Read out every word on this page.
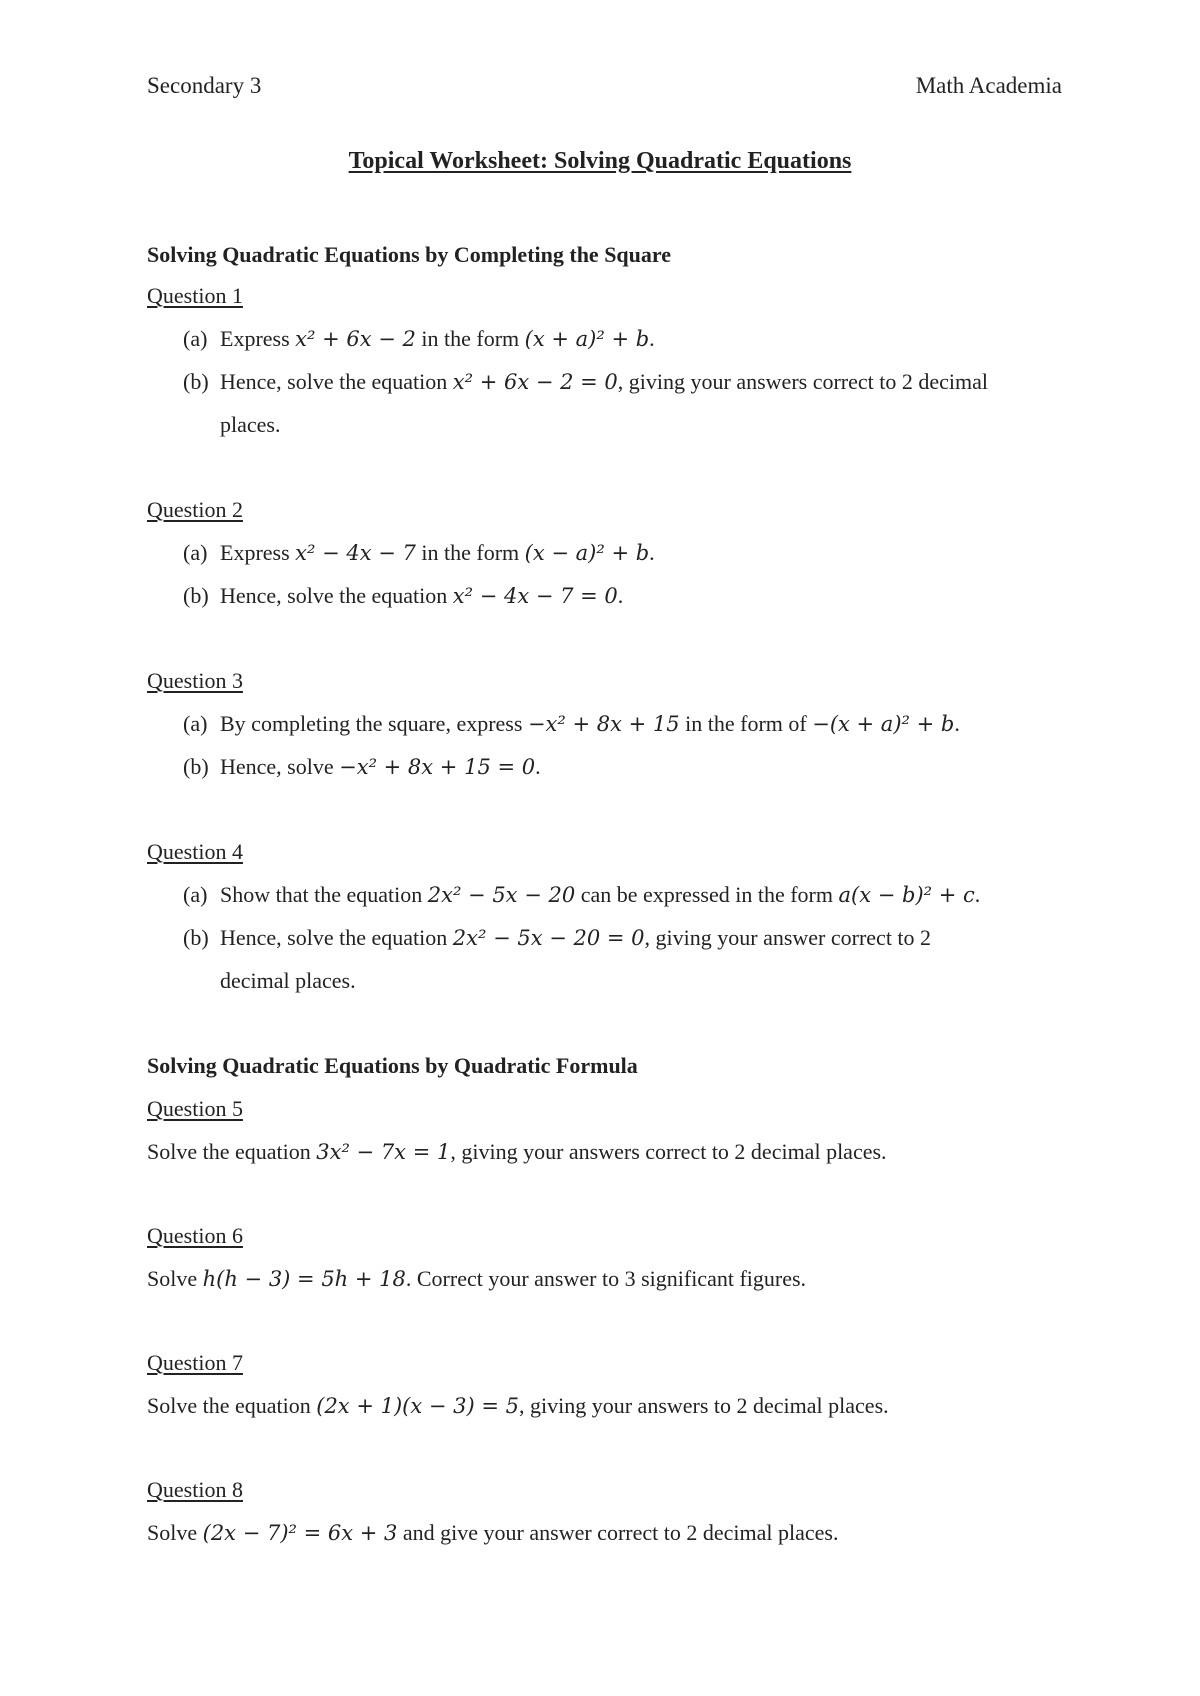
Secondary 3	Math Academia
Topical Worksheet: Solving Quadratic Equations
Solving Quadratic Equations by Completing the Square
Question 1
(a) Express x² + 6x − 2 in the form (x + a)² + b.
(b) Hence, solve the equation x² + 6x − 2 = 0, giving your answers correct to 2 decimal
places.
Question 2
(a) Express x² − 4x − 7 in the form (x − a)² + b.
(b) Hence, solve the equation x² − 4x − 7 = 0.
Question 3
(a) By completing the square, express −x² + 8x + 15 in the form of −(x + a)² + b.
(b) Hence, solve −x² + 8x + 15 = 0.
Question 4
(a) Show that the equation 2x² − 5x − 20 can be expressed in the form a(x − b)² + c.
(b) Hence, solve the equation 2x² − 5x − 20 = 0, giving your answer correct to 2
decimal places.
Solving Quadratic Equations by Quadratic Formula
Question 5
Solve the equation 3x² − 7x = 1, giving your answers correct to 2 decimal places.
Question 6
Solve h(h − 3) = 5h + 18. Correct your answer to 3 significant figures.
Question 7
Solve the equation (2x + 1)(x − 3) = 5, giving your answers to 2 decimal places.
Question 8
Solve (2x − 7)² = 6x + 3 and give your answer correct to 2 decimal places.
